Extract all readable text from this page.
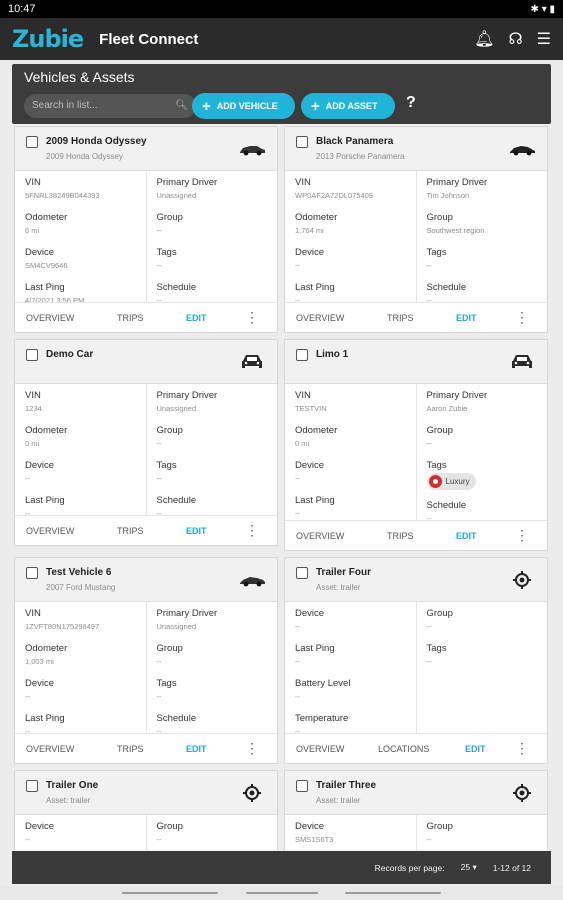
10:47	✱ ▾ ▮
Zubie Fleet Connect	🔔︎ ☊ ☰
Vehicles & Assets
Search in list...	🔍︎ + ADD VEHICLE + ADD ASSET ?
2009 Honda Odyssey
2009 Honda Odyssey
VIN
5FNRL38249B044393
Odometer
6 mi
Device
SM4CV9646
Last Ping
4/7/2021 3:56 PM
Primary Driver
Unassigned
Group
--
Tags
--
Schedule
--
OVERVIEW	TRIPS	EDIT	⋮
Black Panamera
2013 Porsche Panamera
VIN
WP0AF2A72DL075409
Odometer
1,764 mi
Device
--
Last Ping
--
Primary Driver
Tim Johnson
Group
Southwest region
Tags
--
Schedule
--
OVERVIEW	TRIPS	EDIT	⋮
Demo Car
VIN
1234
Odometer
0 mi
Device
--
Last Ping
--
Primary Driver
Unassigned
Group
--
Tags
--
Schedule
--
OVERVIEW	TRIPS	EDIT	⋮
Limo 1
VIN
TESTVIN
Odometer
0 mi
Device
--
Last Ping
--
Primary Driver
Aaron Zubie
Group
--
Tags
Luxury
Schedule
--
OVERVIEW	TRIPS	EDIT	⋮
Test Vehicle 6
2007 Ford Mustang
VIN
1ZVFT80N175298497
Odometer
1,003 mi
Device
--
Last Ping
--
Primary Driver
Unassigned
Group
--
Tags
--
Schedule
--
OVERVIEW	TRIPS	EDIT	⋮
Trailer Four
Asset: trailer
Device
--
Last Ping
--
Battery Level
--
Temperature
--
Group
--
Tags
--
OVERVIEW	LOCATIONS	EDIT ⋮
Trailer One
Asset: trailer
Device
--
Group
--
Trailer Three
Asset: trailer
Device
SMS1S6T3
Group
--
Records per page: 25 ▾ 1-12 of 12
